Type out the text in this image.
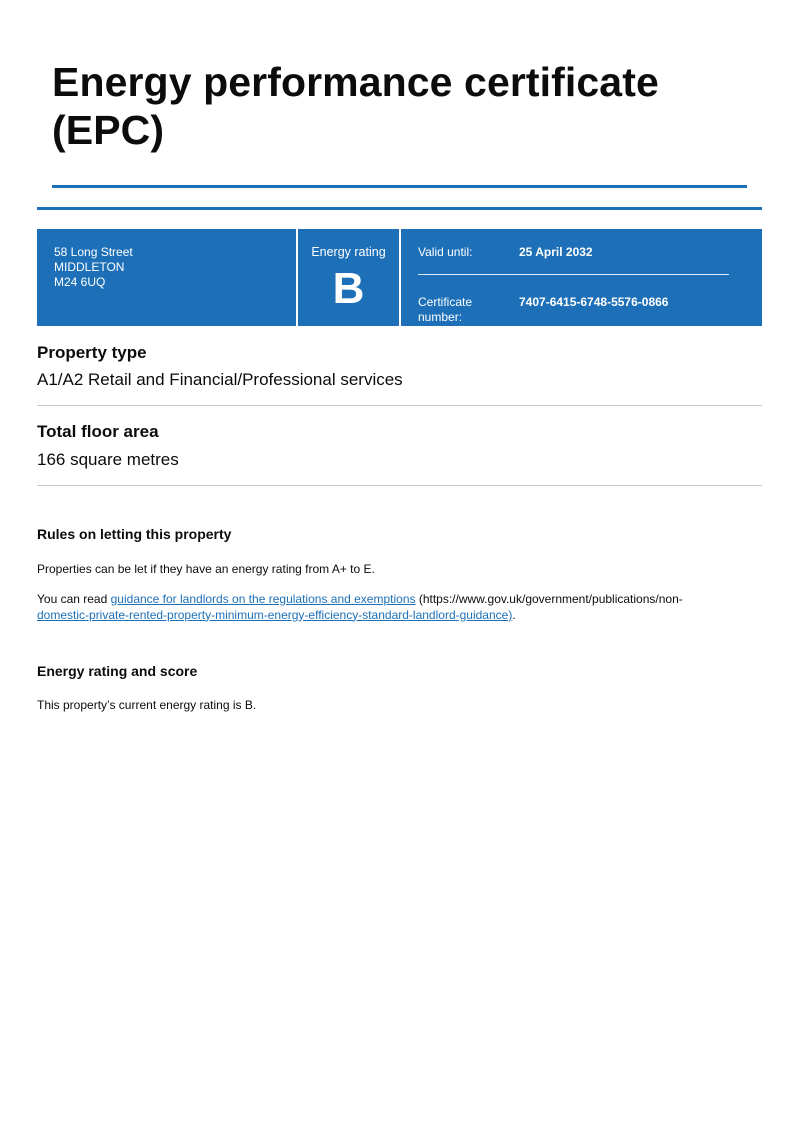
Energy performance certificate (EPC)
58 Long Street
MIDDLETON
M24 6UQ
Energy rating
B
Valid until:	25 April 2032
Certificate
number:
7407-6415-6748-5576-0866
Property type
A1/A2 Retail and Financial/Professional services
Total floor area
166 square metres
Rules on letting this property
Properties can be let if they have an energy rating from A+ to E.
You can read guidance for landlords on the regulations and exemptions (https://www.gov.uk/government/publications/non-
domestic-private-rented-property-minimum-energy-efficiency-standard-landlord-guidance).
Energy rating and score
This property’s current energy rating is B.
